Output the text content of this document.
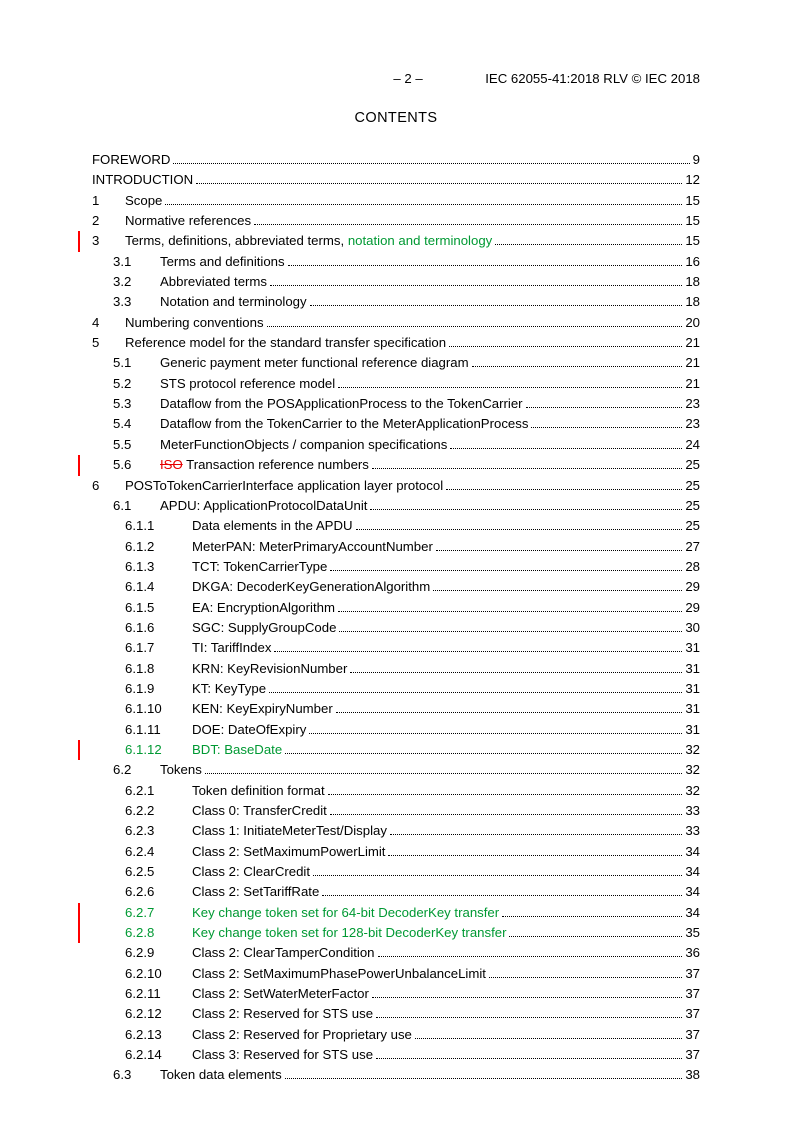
– 2 –	IEC 62055-41:2018 RLV © IEC 2018
CONTENTS
FOREWORD	9
INTRODUCTION	12
1	Scope	15
2	Normative references	15
3	Terms, definitions, abbreviated terms, notation and terminology	15
3.1	Terms and definitions	16
3.2	Abbreviated terms	18
3.3	Notation and terminology	18
4	Numbering conventions	20
5	Reference model for the standard transfer specification	21
5.1	Generic payment meter functional reference diagram	21
5.2	STS protocol reference model	21
5.3	Dataflow from the POSApplicationProcess to the TokenCarrier	23
5.4	Dataflow from the TokenCarrier to the MeterApplicationProcess	23
5.5	MeterFunctionObjects / companion specifications	24
5.6	ISO Transaction reference numbers	25
6	POSToTokenCarrierInterface application layer protocol	25
6.1	APDU: ApplicationProtocolDataUnit	25
6.1.1	Data elements in the APDU	25
6.1.2	MeterPAN: MeterPrimaryAccountNumber	27
6.1.3	TCT: TokenCarrierType	28
6.1.4	DKGA: DecoderKeyGenerationAlgorithm	29
6.1.5	EA: EncryptionAlgorithm	29
6.1.6	SGC: SupplyGroupCode	30
6.1.7	TI: TariffIndex	31
6.1.8	KRN: KeyRevisionNumber	31
6.1.9	KT: KeyType	31
6.1.10	KEN: KeyExpiryNumber	31
6.1.11	DOE: DateOfExpiry	31
6.1.12	BDT: BaseDate	32
6.2	Tokens	32
6.2.1	Token definition format	32
6.2.2	Class 0: TransferCredit	33
6.2.3	Class 1: InitiateMeterTest/Display	33
6.2.4	Class 2: SetMaximumPowerLimit	34
6.2.5	Class 2: ClearCredit	34
6.2.6	Class 2: SetTariffRate	34
6.2.7	Key change token set for 64-bit DecoderKey transfer	34
6.2.8	Key change token set for 128-bit DecoderKey transfer	35
6.2.9	Class 2: ClearTamperCondition	36
6.2.10	Class 2: SetMaximumPhasePowerUnbalanceLimit	37
6.2.11	Class 2: SetWaterMeterFactor	37
6.2.12	Class 2: Reserved for STS use	37
6.2.13	Class 2: Reserved for Proprietary use	37
6.2.14	Class 3: Reserved for STS use	37
6.3	Token data elements	38
